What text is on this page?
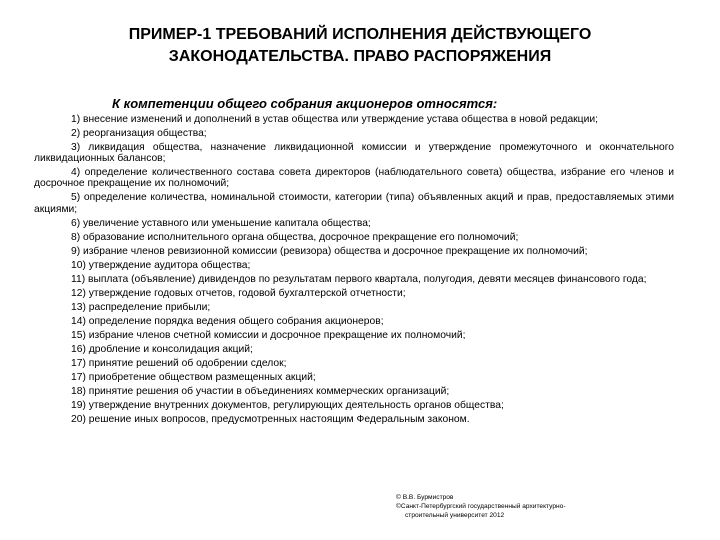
ПРИМЕР-1 ТРЕБОВАНИЙ ИСПОЛНЕНИЯ ДЕЙСТВУЮЩЕГО
ЗАКОНОДАТЕЛЬСТВА. ПРАВО РАСПОРЯЖЕНИЯ
К компетенции общего собрания акционеров относятся:

1) внесение изменений и дополнений в устав общества или утверждение устава общества в новой редакции;

2) реорганизация общества;

3) ликвидация общества, назначение ликвидационной комиссии и утверждение промежуточного и окончательного ликвидационных балансов;

4) определение количественного состава совета директоров (наблюдательного совета) общества, избрание его членов и досрочное прекращение их полномочий;

5) определение количества, номинальной стоимости, категории (типа) объявленных акций и прав, предоставляемых этими акциями;

6) увеличение уставного или уменьшение капитала общества;

8) образование исполнительного органа общества, досрочное прекращение его полномочий;

9) избрание членов ревизионной комиссии (ревизора) общества и досрочное прекращение их полномочий;

10) утверждение аудитора общества;

11) выплата (объявление) дивидендов по результатам первого квартала, полугодия, девяти месяцев финансового года;

12) утверждение годовых отчетов, годовой бухгалтерской отчетности;

13) распределение прибыли;

14) определение порядка ведения общего собрания акционеров;

15) избрание членов счетной комиссии и досрочное прекращение их полномочий;

16) дробление и консолидация акций;

17) принятие решений об одобрении сделок;

17) приобретение обществом размещенных акций;

18) принятие решения об участии в объединениях коммерческих организаций;

19) утверждение внутренних документов, регулирующих деятельность органов общества;

20) решение иных вопросов, предусмотренных настоящим Федеральным законом.

© В.В. Бурмистров
©Санкт-Петербургский государственный архитектурно-
строительный университет 2012
